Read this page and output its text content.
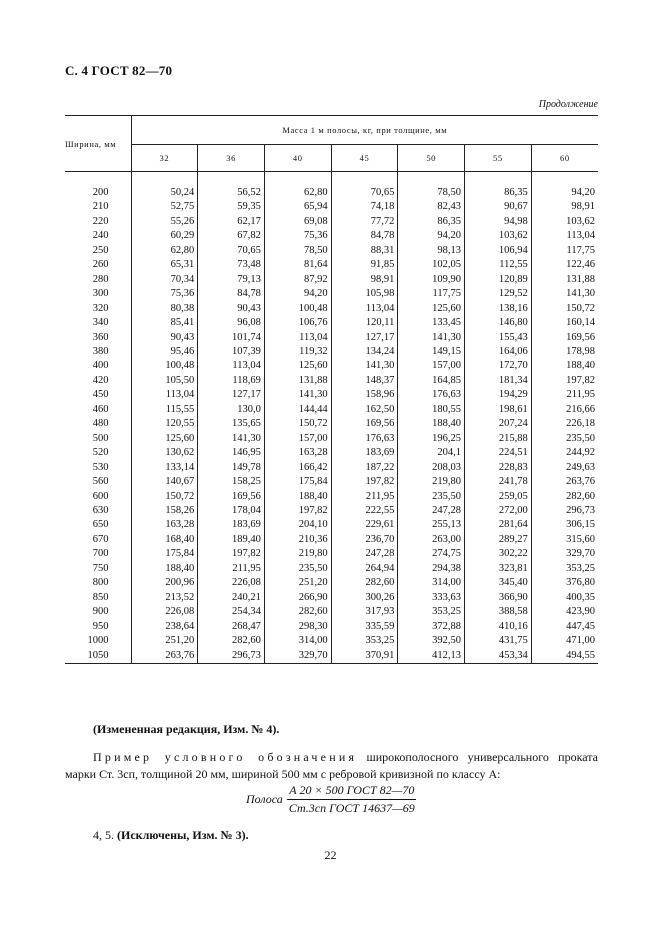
С. 4 ГОСТ 82—70
Продолжение
Ширина, мм	Масса 1 м полосы, кг, при толщине, мм						
	32	36	40	45	50	55	60

200	50,24	56,52	62,80	70,65	78,50	86,35	94,20
210	52,75	59,35	65,94	74,18	82,43	90,67	98,91
220	55,26	62,17	69,08	77,72	86,35	94,98	103,62
240	60,29	67,82	75,36	84,78	94,20	103,62	113,04
250	62,80	70,65	78,50	88,31	98,13	106,94	117,75
260	65,31	73,48	81,64	91,85	102,05	112,55	122,46
280	70,34	79,13	87,92	98,91	109,90	120,89	131,88
300	75,36	84,78	94,20	105,98	117,75	129,52	141,30
320	80,38	90,43	100,48	113,04	125,60	138,16	150,72
340	85,41	96,08	106,76	120,11	133,45	146,80	160,14
360	90,43	101,74	113,04	127,17	141,30	155,43	169,56
380	95,46	107,39	119,32	134,24	149,15	164,06	178,98
400	100,48	113,04	125,60	141,30	157,00	172,70	188,40
420	105,50	118,69	131,88	148,37	164,85	181,34	197,82
450	113,04	127,17	141,30	158,96	176,63	194,29	211,95
460	115,55	130,0	144,44	162,50	180,55	198,61	216,66
480	120,55	135,65	150,72	169,56	188,40	207,24	226,18
500	125,60	141,30	157,00	176,63	196,25	215,88	235,50
520	130,62	146,95	163,28	183,69	204,1	224,51	244,92
530	133,14	149,78	166,42	187,22	208,03	228,83	249,63
560	140,67	158,25	175,84	197,82	219,80	241,78	263,76
600	150,72	169,56	188,40	211,95	235,50	259,05	282,60
630	158,26	178,04	197,82	222,55	247,28	272,00	296,73
650	163,28	183,69	204,10	229,61	255,13	281,64	306,15
670	168,40	189,40	210,36	236,70	263,00	289,27	315,60
700	175,84	197,82	219,80	247,28	274,75	302,22	329,70
750	188,40	211,95	235,50	264,94	294,38	323,81	353,25
800	200,96	226,08	251,20	282,60	314,00	345,40	376,80
850	213,52	240,21	266,90	300,26	333,63	366,90	400,35
900	226,08	254,34	282,60	317,93	353,25	388,58	423,90
950	238,64	268,47	298,30	335,59	372,88	410,16	447,45
1000	251,20	282,60	314,00	353,25	392,50	431,75	471,00
1050	263,76	296,73	329,70	370,91	412,13	453,34	494,55
(Измененная редакция, Изм. № 4).
Пример условного обозначения широкополосного универсального проката марки Ст. 3сп, толщиной 20 мм, шириной 500 мм с ребровой кривизной по классу А:
Полоса $\frac{\text{А 20 × 500 ГОСТ 82—70}}{\text{Ст.3сп ГОСТ 14637—69}}$
4, 5. (Исключены, Изм. № 3).
22
